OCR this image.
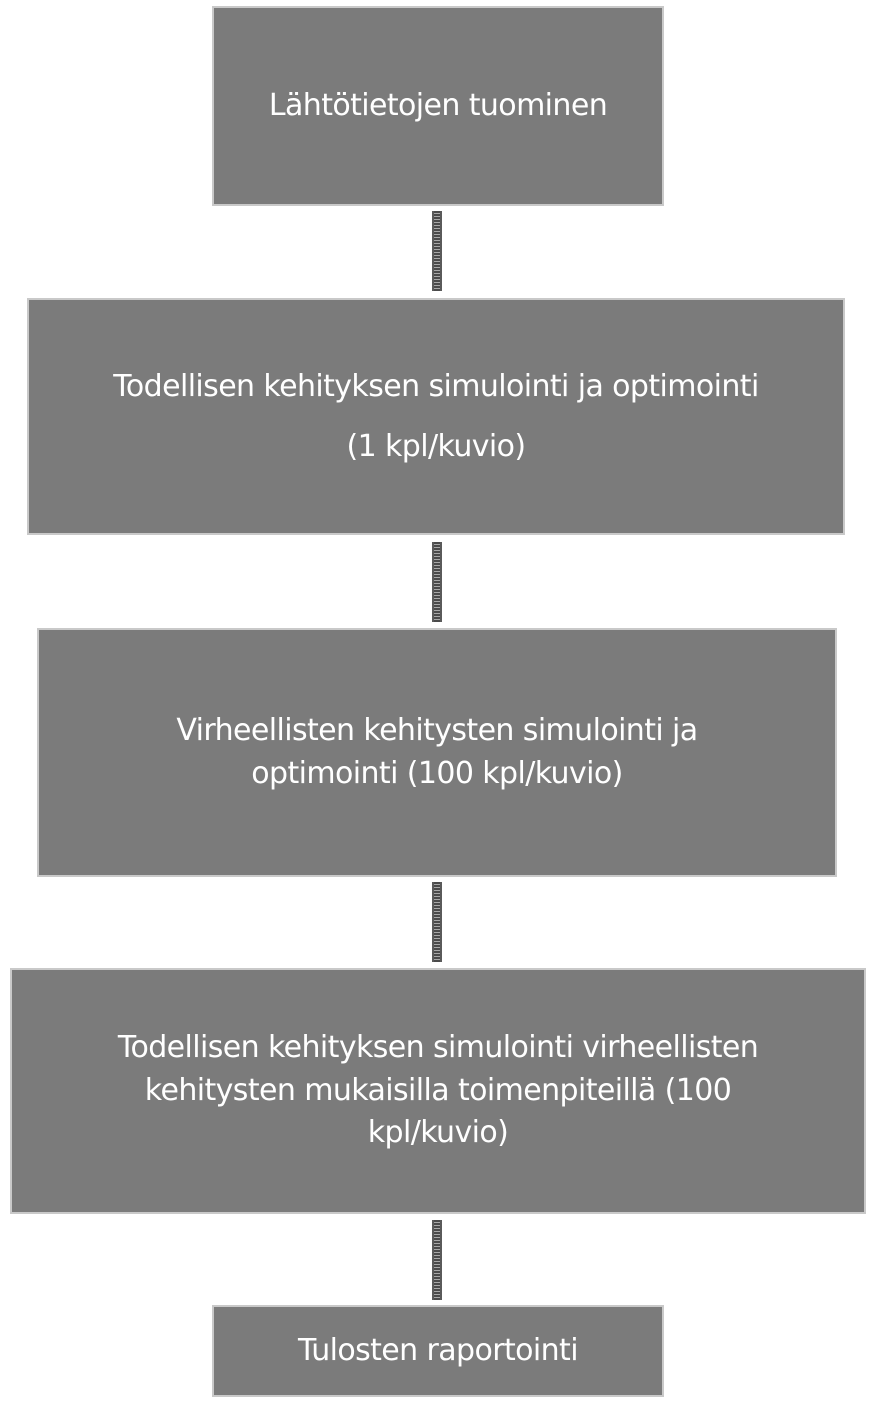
Lähtötietojen tuominen
Todellisen kehityksen simulointi ja optimointi
(1 kpl/kuvio)
Virheellisten kehitysten simulointi ja
optimointi (100 kpl/kuvio)
Todellisen kehityksen simulointi virheellisten
kehitysten mukaisilla toimenpiteillä (100
kpl/kuvio)
Tulosten raportointi
